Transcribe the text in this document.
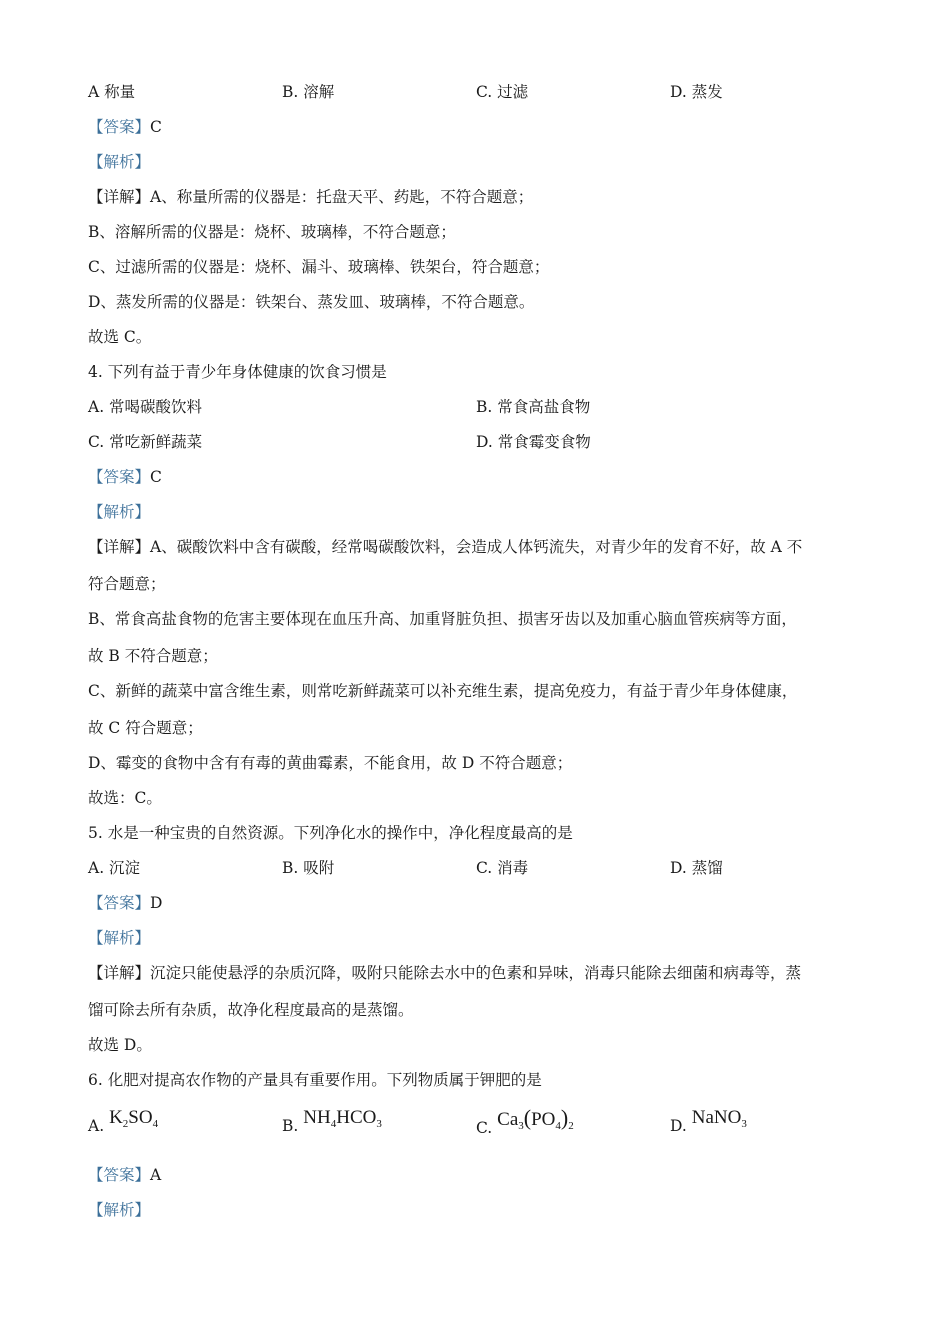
A 称量	B. 溶解	C. 过滤	D. 蒸发
【答案】C
【解析】
【详解】A、称量所需的仪器是：托盘天平、药匙，不符合题意；
B、溶解所需的仪器是：烧杯、玻璃棒，不符合题意；
C、过滤所需的仪器是：烧杯、漏斗、玻璃棒、铁架台，符合题意；
D、蒸发所需的仪器是：铁架台、蒸发皿、玻璃棒，不符合题意。
故选 C。
4. 下列有益于青少年身体健康的饮食习惯是
A. 常喝碳酸饮料	B. 常食高盐食物
C. 常吃新鲜蔬菜	D. 常食霉变食物
【答案】C
【解析】
【详解】A、碳酸饮料中含有碳酸，经常喝碳酸饮料，会造成人体钙流失，对青少年的发育不好，故 A 不
符合题意；
B、常食高盐食物的危害主要体现在血压升高、加重肾脏负担、损害牙齿以及加重心脑血管疾病等方面，
故 B 不符合题意；
C、新鲜的蔬菜中富含维生素，则常吃新鲜蔬菜可以补充维生素，提高免疫力，有益于青少年身体健康，
故 C 符合题意；
D、霉变的食物中含有有毒的黄曲霉素，不能食用，故 D 不符合题意；
故选：C。
5. 水是一种宝贵的自然资源。下列净化水的操作中，净化程度最高的是
A. 沉淀	B. 吸附	C. 消毒	D. 蒸馏
【答案】D
【解析】
【详解】沉淀只能使悬浮的杂质沉降，吸附只能除去水中的色素和异味，消毒只能除去细菌和病毒等，蒸
馏可除去所有杂质，故净化程度最高的是蒸馏。
故选 D。
6. 化肥对提高农作物的产量具有重要作用。下列物质属于钾肥的是
A. $K_2SO_4$	B. $NH_4HCO_3$	C. $Ca_3(PO_4)_2$	D. NaNO$_3$
【答案】A
【解析】
